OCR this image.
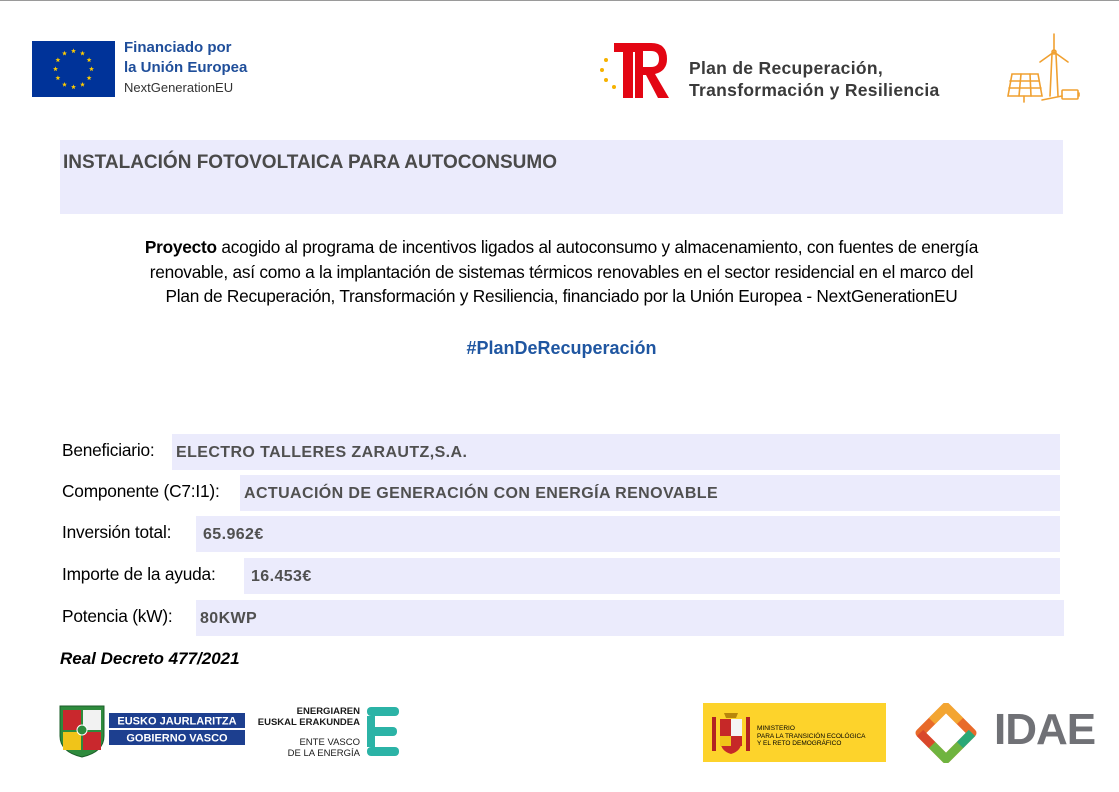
Financiado por
la Unión Europea
NextGenerationEU
Plan de Recuperación,
Transformación y Resiliencia
INSTALACIÓN FOTOVOLTAICA PARA AUTOCONSUMO
Proyecto acogido al programa de incentivos ligados al autoconsumo y almacenamiento, con fuentes de energía
renovable, así como a la implantación de sistemas térmicos renovables en el sector residencial en el marco del
Plan de Recuperación, Transformación y Resiliencia, financiado por la Unión Europea - NextGenerationEU
#PlanDeRecuperación
Beneficiario: ELECTRO TALLERES ZARAUTZ,S.A.
Componente (C7:I1): ACTUACIÓN DE GENERACIÓN CON ENERGÍA RENOVABLE
Inversión total: 65.962€
Importe de la ayuda: 16.453€
Potencia (kW): 80KWP
Real Decreto 477/2021
EUSKO JAURLARITZA
GOBIERNO VASCO
ENERGIAREN
EUSKAL ERAKUNDEA
ENTE VASCO
DE LA ENERGÍA
MINISTERIO
PARA LA TRANSICIÓN ECOLÓGICA
Y EL RETO DEMOGRÁFICO	IDAE
